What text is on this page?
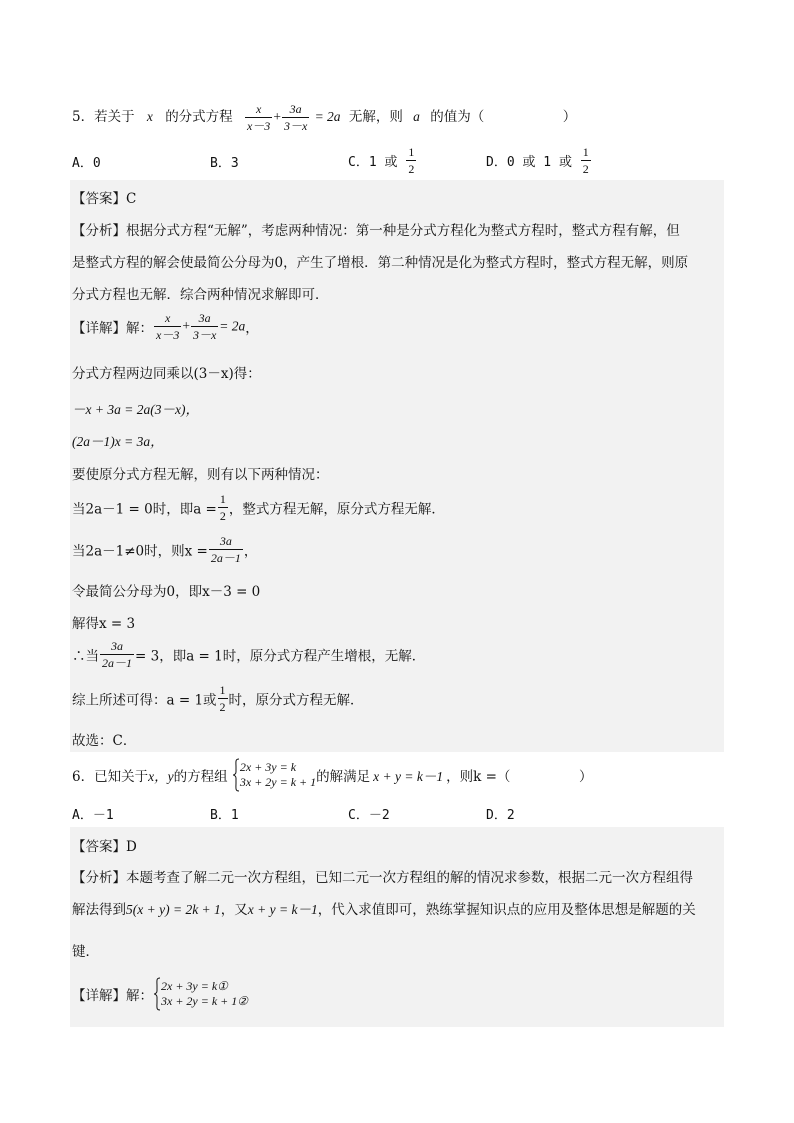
5．若关于 x 的分式方程 $\frac{x}{x-3} + \frac{3a}{3-x} = 2a$ 无解，则 a 的值为（	）
A．0	B．3	C．1 或 $\frac{1}{2}$	D．0 或 1 或 $\frac{1}{2}$
【答案】C
【分析】根据分式方程“无解”，考虑两种情况：第一种是分式方程化为整式方程时，整式方程有解，但
是整式方程的解会使最简公分母为0，产生了增根．第二种情况是化为整式方程时，整式方程无解，则原
分式方程也无解．综合两种情况求解即可．
【详解】解： $\frac{x}{x-3} + \frac{3a}{3-x} = 2a$，
分式方程两边同乘以(3－x)得：
－x + 3a = 2a(3－x)，
(2a－1)x = 3a，
要使原分式方程无解，则有以下两种情况：
当2a－1 = 0时，即$a = \frac{1}{2}$ ，整式方程无解，原分式方程无解．
当2a－1≠0时，则$x = \frac{3a}{2a-1}$ ，
令最简公分母为0，即x－3 = 0
解得x = 3
∴当 $\frac{3a}{2a-1} = 3$，即a = 1时，原分式方程产生增根，无解．
综上所述可得：a = 1或 $\frac{1}{2}$ 时，原分式方程无解．
故选：C．
6．已知关于x，y的方程组
2x + 3y = k
3x + 2y = k + 1 的解满足 x + y = k－1 ，则k =（	）
A．－1	B．1	C．－2	D．2
【答案】D
【分析】本题考查了解二元一次方程组，已知二元一次方程组的解的情况求参数，根据二元一次方程组得
解法得到5(x + y) = 2k + 1，又x + y = k－1，代入求值即可，熟练掌握知识点的应用及整体思想是解题的关
键．
【详解】解：
2x + 3y = k①
3x + 2y = k + 1②
